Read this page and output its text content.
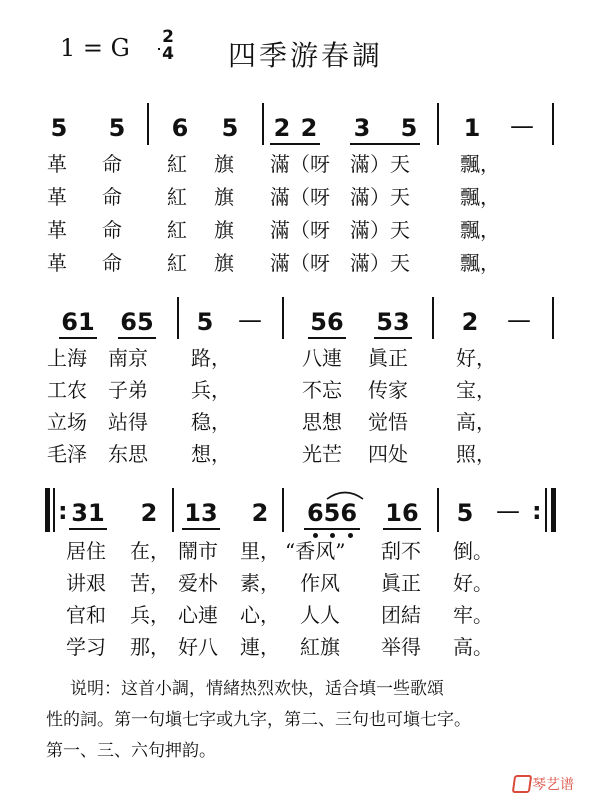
1 = G 2
4 四季游春調
5 5 6 5 2 2 3 5 1 —
革 命 紅 旗 滿（呀 滿）天	飄，
革 命 紅 旗 滿（呀 滿）天	飄，
革 命 紅 旗 滿（呀 滿）天	飄，
革 命 紅 旗 滿（呀 滿）天	飄，
61 65 5 — 56 53 2 —
上海 南京 路，	八連 眞正 好，
工农 子弟 兵，	不忘 传家 宝，
立场 站得 稳，	思想 觉悟 高，
毛泽 东思 想，	光芒 四处 照，
:	:
31 2 13 2 656 16 5 —
居住 在， 鬧市 里， “香风” 刮不 倒。
讲艰 苦， 爱朴 素， 作风 眞正 好。
官和 兵， 心連 心， 人人 团結 牢。
学习 那， 好八 連， 紅旗 举得 高。
说明：这首小調，情緒热烈欢快，适合填一些歌頌
性的詞。第一句塡七字或九字，第二、三句也可塡七字。
第一、三、六句押韵。
琴艺谱
